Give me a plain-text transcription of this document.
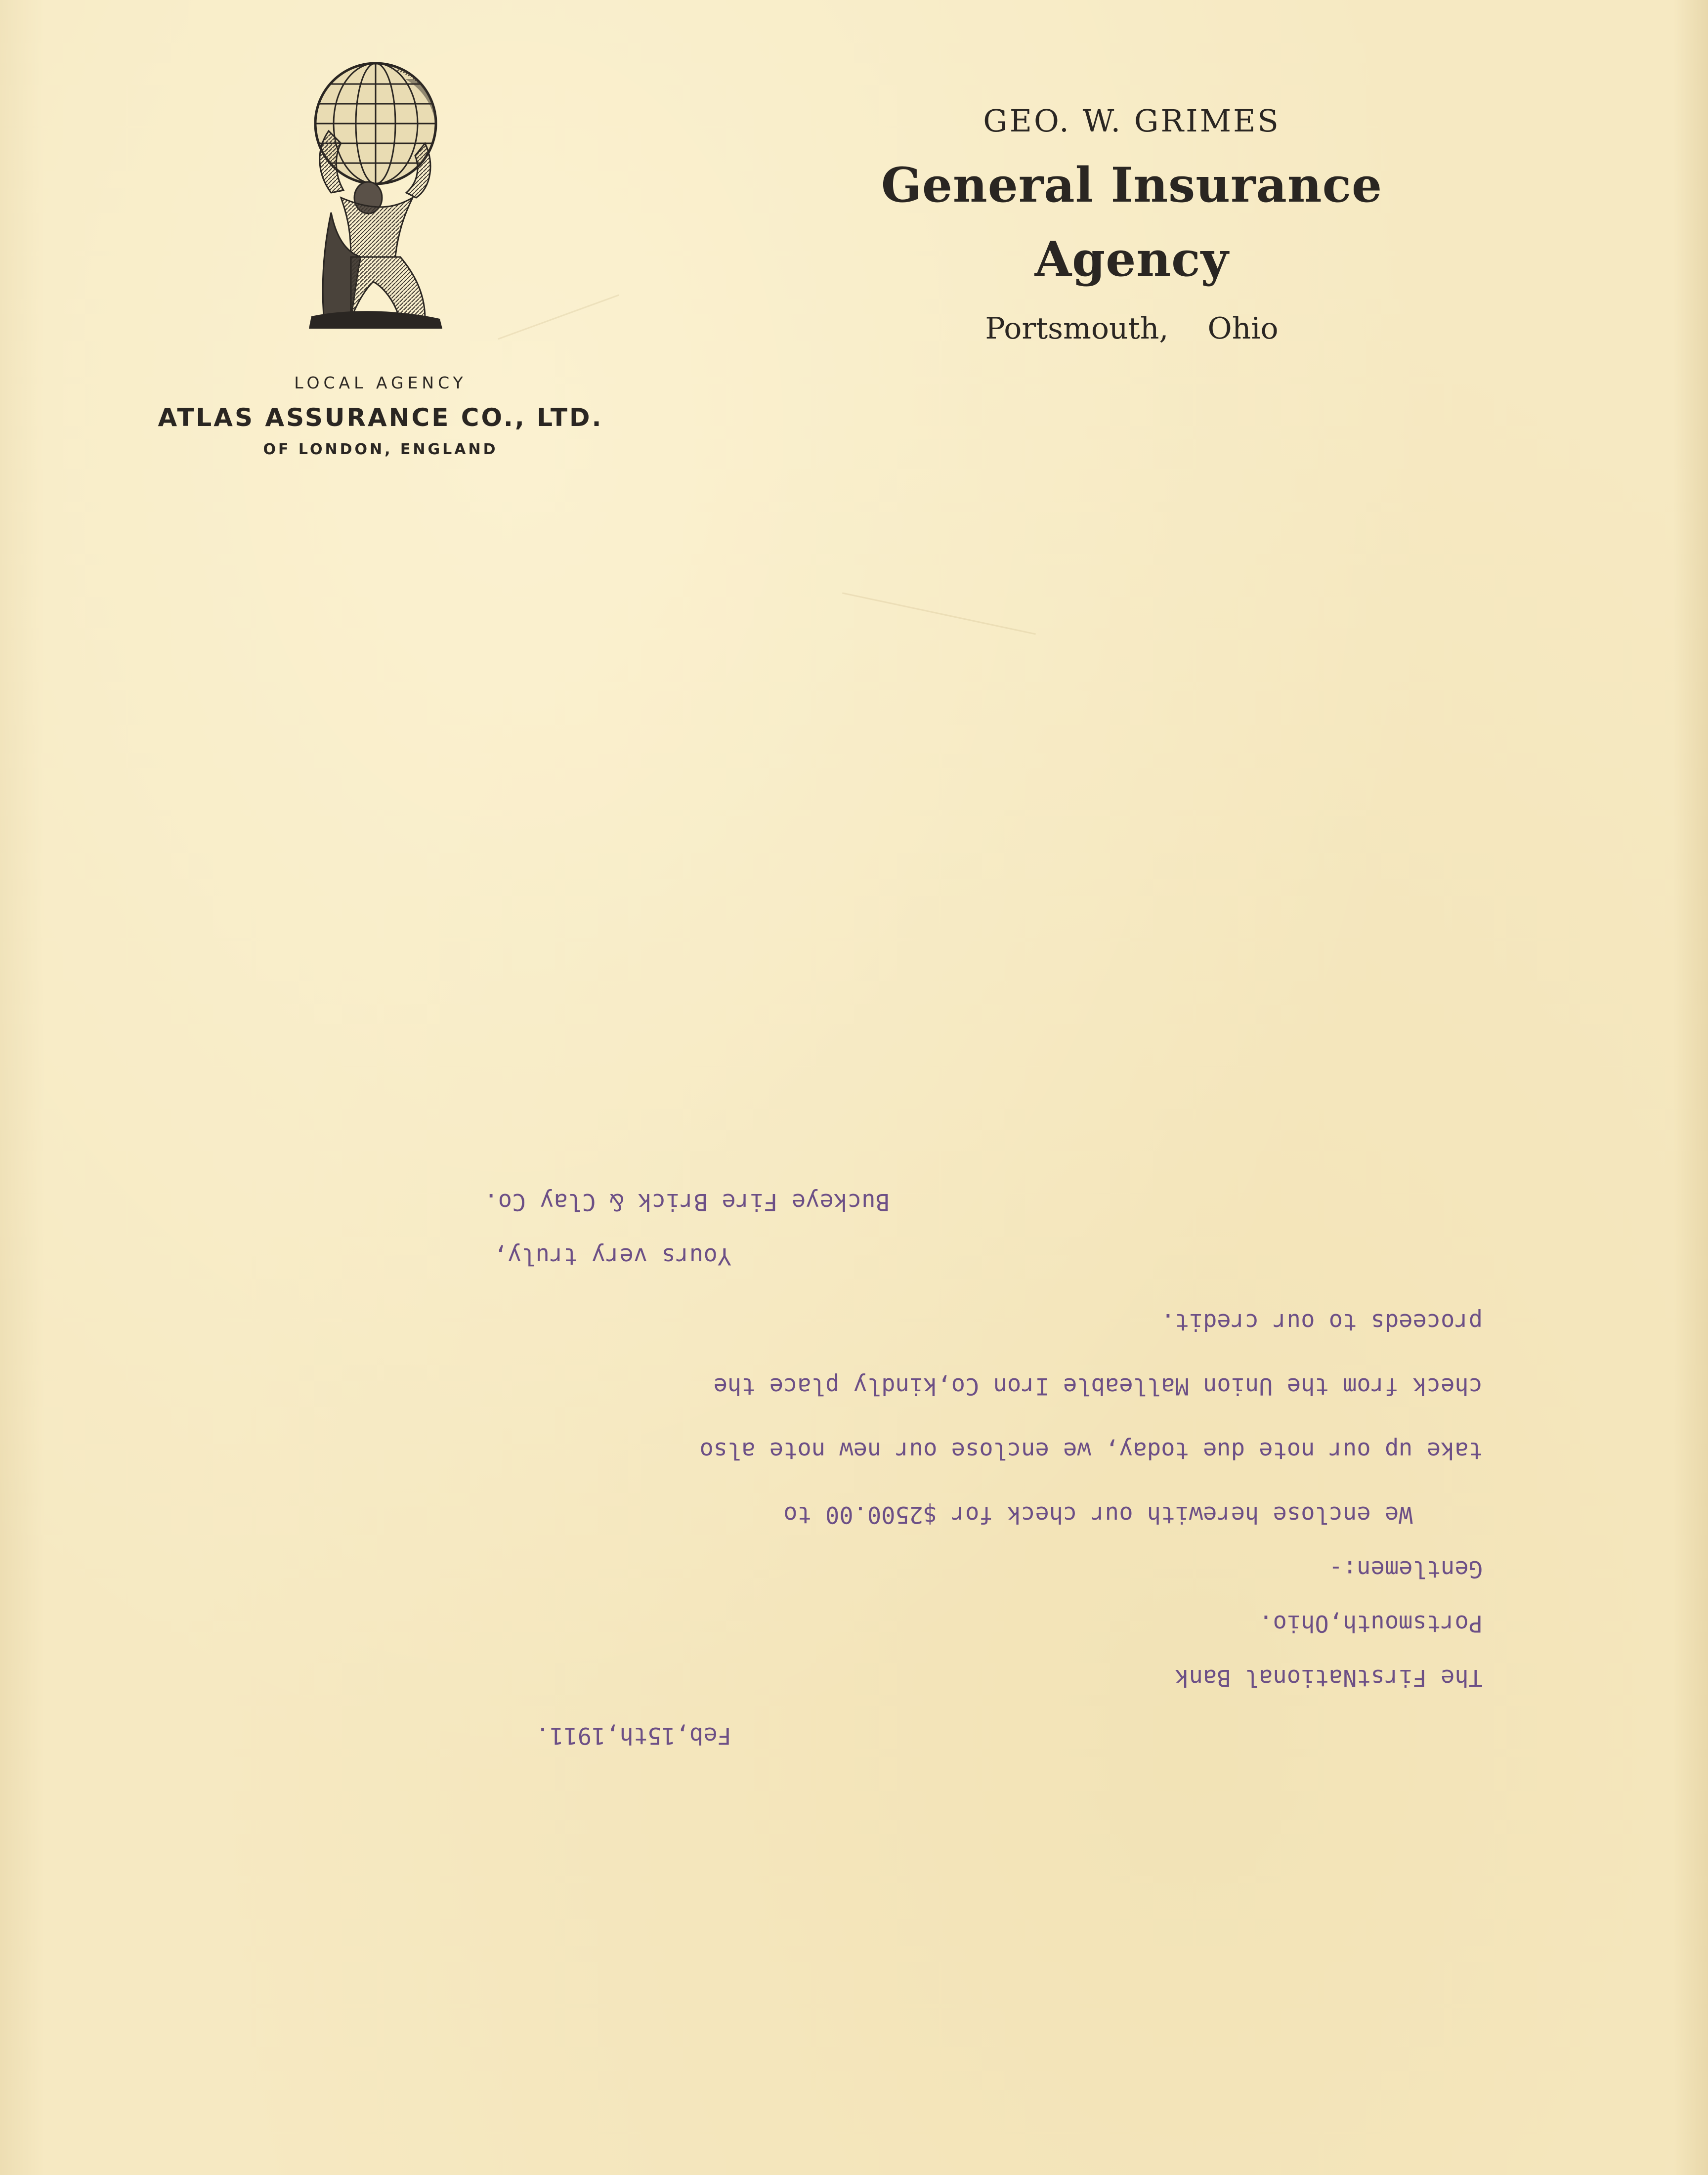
LOCAL AGENCY
ATLAS ASSURANCE CO., LTD.
OF LONDON, ENGLAND
GEO. W. GRIMES
General Insurance Agency
Portsmouth, Ohio

Feb,15th,1911.

The FirstNational Bank

Portsmouth,Ohio.

Gentlemen:-

We enclose herewith our check for $2500.00 to

take up our note due today, we enclose our new note also

check from the Union Malleable Iron Co,kindly place the

proceeds to our credit.

Yours very truly,

Buckeye Fire Brick & Clay Co.
